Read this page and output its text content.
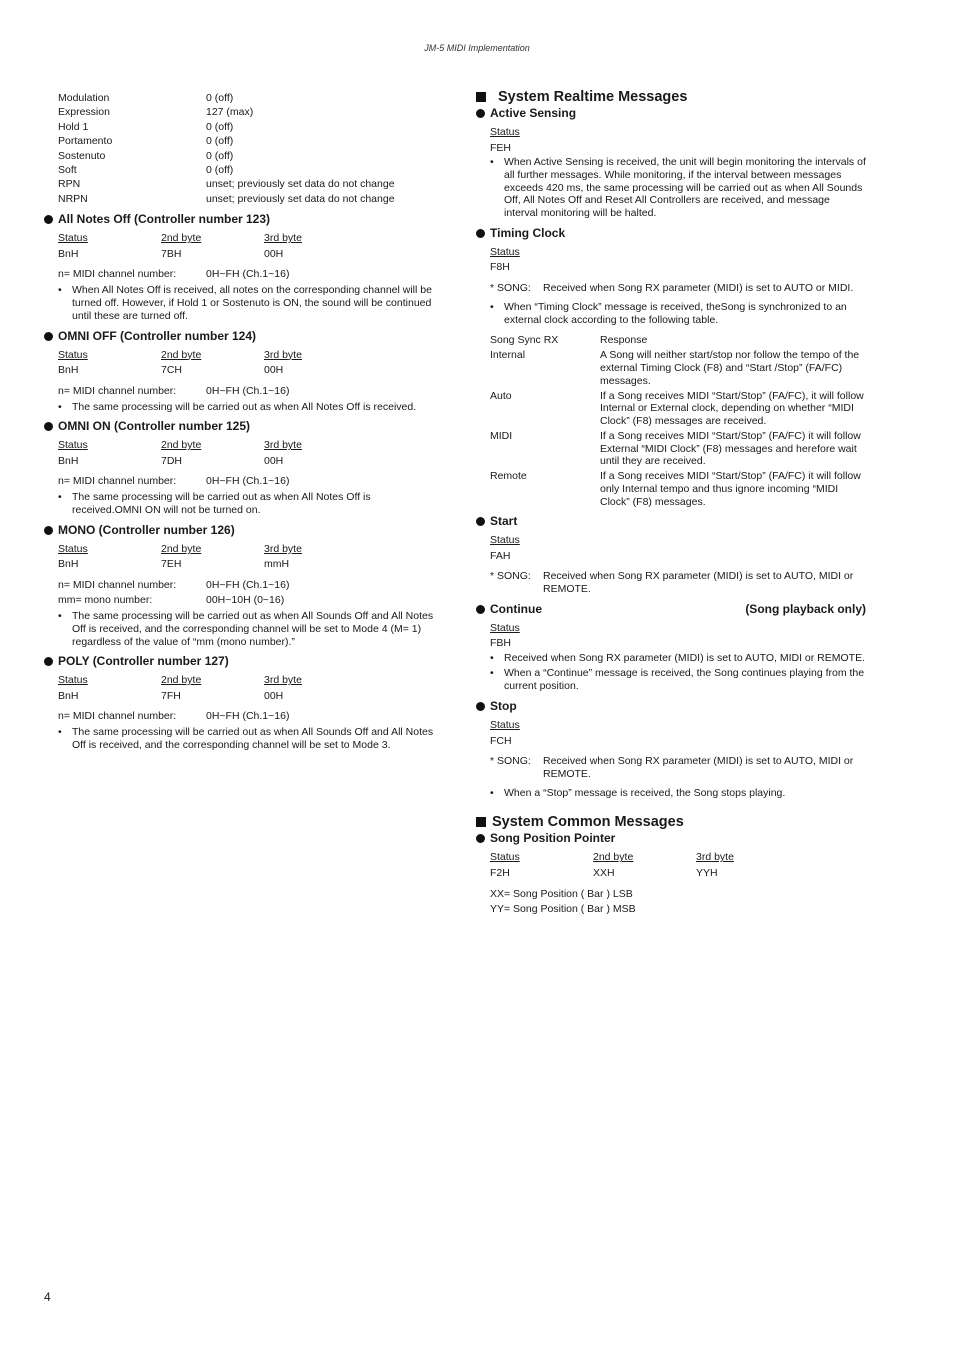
JM-5 MIDI Implementation
Modulation	0 (off)
Expression	127 (max)
Hold 1	0 (off)
Portamento	0 (off)
Sostenuto	0 (off)
Soft	0 (off)
RPN	unset; previously set data do not change
NRPN	unset; previously set data do not change
All Notes Off (Controller number 123)
Status	2nd byte	3rd byte
BnH	7BH	00H
n= MIDI channel number:	0H~FH (Ch.1~16)
• When All Notes Off is received, all notes on the corresponding channel will be turned off. However, if Hold 1 or Sostenuto is ON, the sound will be continued until these are turned off.
OMNI OFF (Controller number 124)
Status	2nd byte	3rd byte
BnH	7CH	00H
n= MIDI channel number:	0H~FH (Ch.1~16)
• The same processing will be carried out as when All Notes Off is received.
OMNI ON (Controller number 125)
Status	2nd byte	3rd byte
BnH	7DH	00H
n= MIDI channel number:	0H~FH (Ch.1~16)
• The same processing will be carried out as when All Notes Off is received.OMNI ON will not be turned on.
MONO (Controller number 126)
Status	2nd byte	3rd byte
BnH	7EH	mmH
n= MIDI channel number:	0H~FH (Ch.1~16)
mm= mono number:	00H~10H (0~16)
• The same processing will be carried out as when All Sounds Off and All Notes Off is received, and the corresponding channel will be set to Mode 4 (M= 1) regardless of the value of “mm (mono number).”
POLY (Controller number 127)
Status	2nd byte	3rd byte
BnH	7FH	00H
n= MIDI channel number:	0H~FH (Ch.1~16)
• The same processing will be carried out as when All Sounds Off and All Notes Off is received, and the corresponding channel will be set to Mode 3.
System Realtime Messages
Active Sensing
Status
FEH
• When Active Sensing is received, the unit will begin monitoring the intervals of all further messages. While monitoring, if the interval between messages exceeds 420 ms, the same processing will be carried out as when All Sounds Off, All Notes Off and Reset All Controllers are received, and message interval monitoring will be halted.
Timing Clock
Status
F8H
* SONG:	Received when Song RX parameter (MIDI) is set to AUTO or MIDI.
• When “Timing Clock” message is received, theSong is synchronized to an external clock according to the following table.
Song Sync RX	Response
Internal	A Song will neither start/stop nor follow the tempo of the external Timing Clock (F8) and “Start /Stop” (FA/FC) messages.
Auto	If a Song receives MIDI “Start/Stop” (FA/FC), it will follow Internal or External clock, depending on whether “MIDI Clock” (F8) messages are received.
MIDI	If a Song receives MIDI “Start/Stop” (FA/FC) it will follow External “MIDI Clock” (F8) messages and herefore wait until they are received.
Remote	If a Song receives MIDI “Start/Stop” (FA/FC) it will follow only Internal tempo and thus ignore incoming “MIDI Clock” (F8) messages.
Start
Status
FAH
* SONG:	Received when Song RX parameter (MIDI) is set to AUTO, MIDI or REMOTE.
Continue	(Song playback only)
Status
FBH
• Received when Song RX parameter (MIDI) is set to AUTO, MIDI or REMOTE.
• When a “Continue” message is received, the Song continues playing from the current position.
Stop
Status
FCH
* SONG:	Received when Song RX parameter (MIDI) is set to AUTO, MIDI or REMOTE.
• When a “Stop” message is received, the Song stops playing.
System Common Messages
Song Position Pointer
Status	2nd byte	3rd byte
F2H	XXH	YYH
XX= Song Position ( Bar ) LSB
YY= Song Position ( Bar ) MSB
4
